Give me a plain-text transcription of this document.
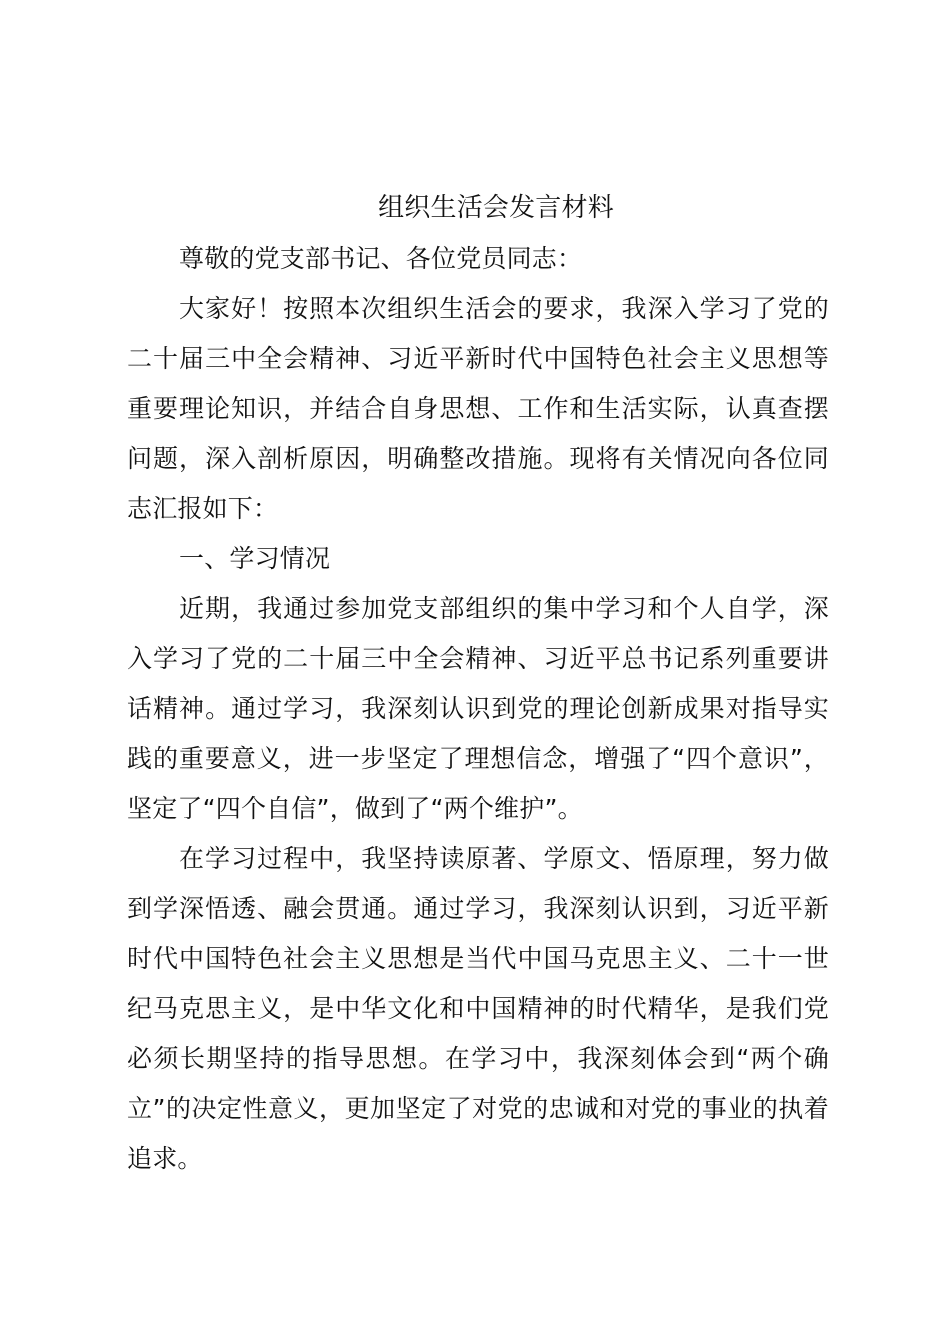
组织生活会发言材料

尊敬的党支部书记、各位党员同志：

大家好！按照本次组织生活会的要求，我深入学习了党的二十届三中全会精神、习近平新时代中国特色社会主义思想等重要理论知识，并结合自身思想、工作和生活实际，认真查摆问题，深入剖析原因，明确整改措施。现将有关情况向各位同志汇报如下：

一、学习情况

近期，我通过参加党支部组织的集中学习和个人自学，深入学习了党的二十届三中全会精神、习近平总书记系列重要讲话精神。通过学习，我深刻认识到党的理论创新成果对指导实践的重要意义，进一步坚定了理想信念，增强了“四个意识”，坚定了“四个自信”，做到了“两个维护”。

在学习过程中，我坚持读原著、学原文、悟原理，努力做到学深悟透、融会贯通。通过学习，我深刻认识到，习近平新时代中国特色社会主义思想是当代中国马克思主义、二十一世纪马克思主义，是中华文化和中国精神的时代精华，是我们党必须长期坚持的指导思想。在学习中，我深刻体会到“两个确立”的决定性意义，更加坚定了对党的忠诚和对党的事业的执着追求。
